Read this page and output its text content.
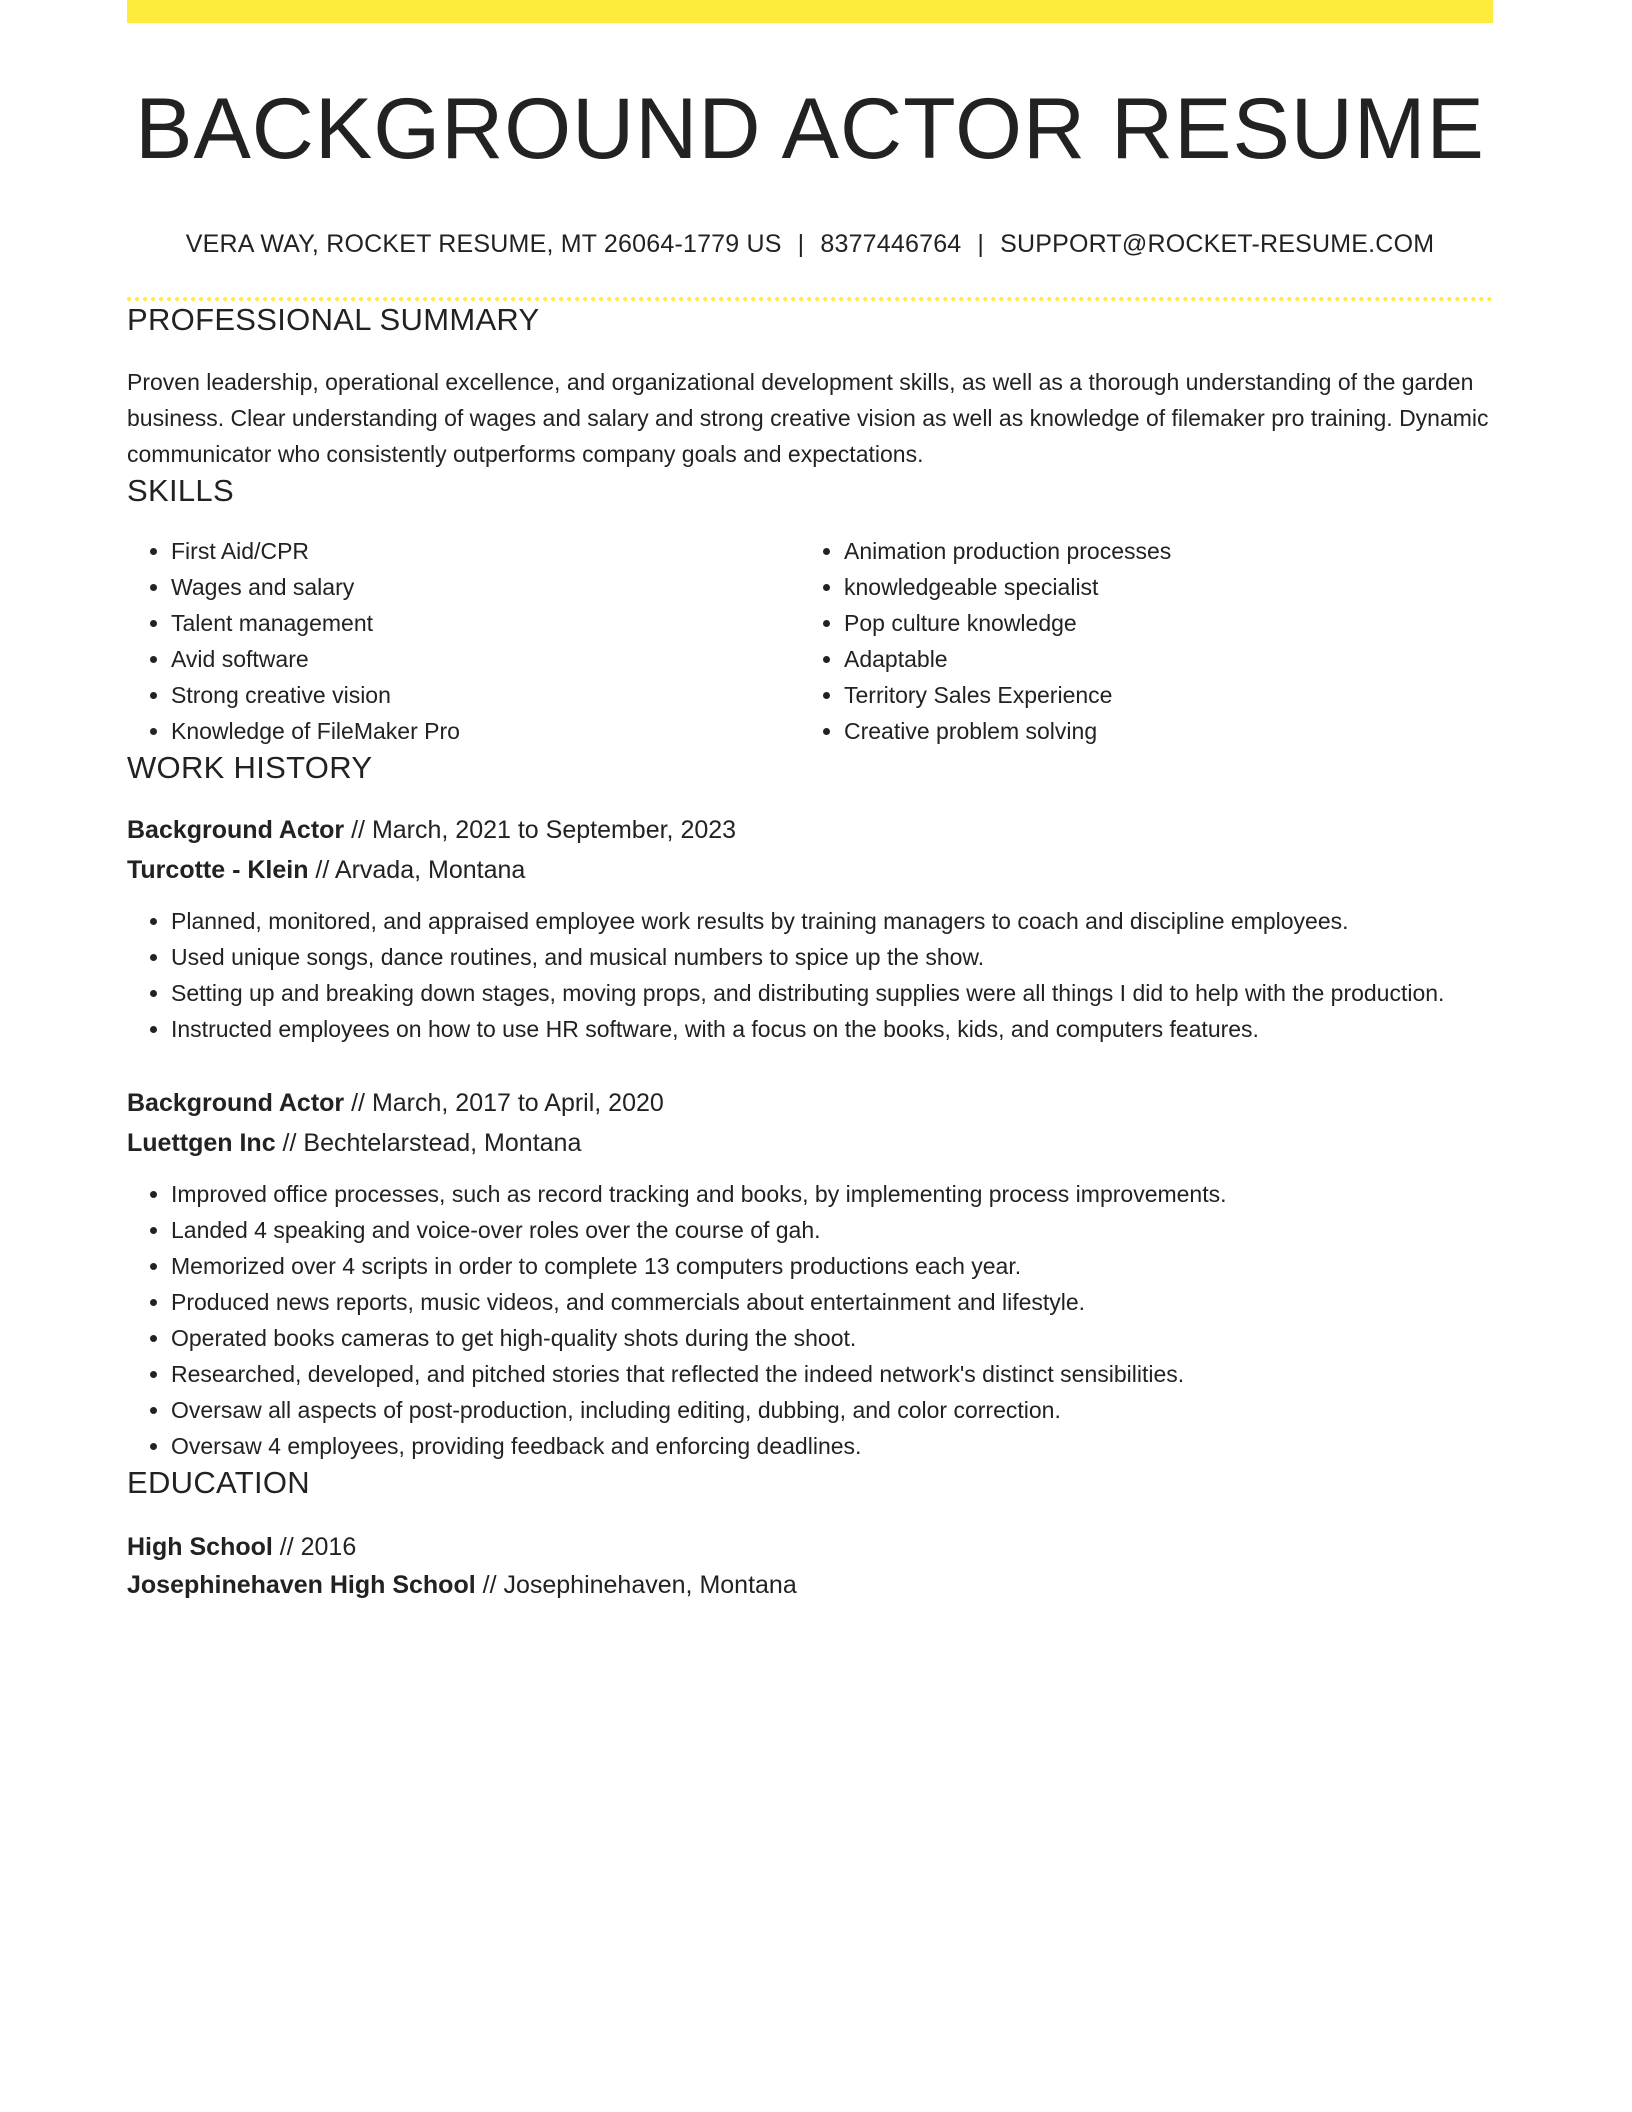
BACKGROUND ACTOR RESUME
VERA WAY, ROCKET RESUME, MT 26064-1779 US | 8377446764 | SUPPORT@ROCKET-RESUME.COM
PROFESSIONAL SUMMARY

Proven leadership, operational excellence, and organizational development skills, as well as a thorough understanding of the garden business. Clear understanding of wages and salary and strong creative vision as well as knowledge of filemaker pro training. Dynamic communicator who consistently outperforms company goals and expectations.

SKILLS
• First Aid/CPR
• Wages and salary
• Talent management
• Avid software
• Strong creative vision
• Knowledge of FileMaker Pro
• Animation production processes
• knowledgeable specialist
• Pop culture knowledge
• Adaptable
• Territory Sales Experience
• Creative problem solving
WORK HISTORY
Background Actor // March, 2021 to September, 2023
Turcotte - Klein // Arvada, Montana
• Planned, monitored, and appraised employee work results by training managers to coach and discipline employees.
• Used unique songs, dance routines, and musical numbers to spice up the show.
• Setting up and breaking down stages, moving props, and distributing supplies were all things I did to help with the production.
• Instructed employees on how to use HR software, with a focus on the books, kids, and computers features.
Background Actor // March, 2017 to April, 2020
Luettgen Inc // Bechtelarstead, Montana
• Improved office processes, such as record tracking and books, by implementing process improvements.
• Landed 4 speaking and voice-over roles over the course of gah.
• Memorized over 4 scripts in order to complete 13 computers productions each year.
• Produced news reports, music videos, and commercials about entertainment and lifestyle.
• Operated books cameras to get high-quality shots during the shoot.
• Researched, developed, and pitched stories that reflected the indeed network's distinct sensibilities.
• Oversaw all aspects of post-production, including editing, dubbing, and color correction.
• Oversaw 4 employees, providing feedback and enforcing deadlines.
EDUCATION
High School // 2016
Josephinehaven High School // Josephinehaven, Montana
